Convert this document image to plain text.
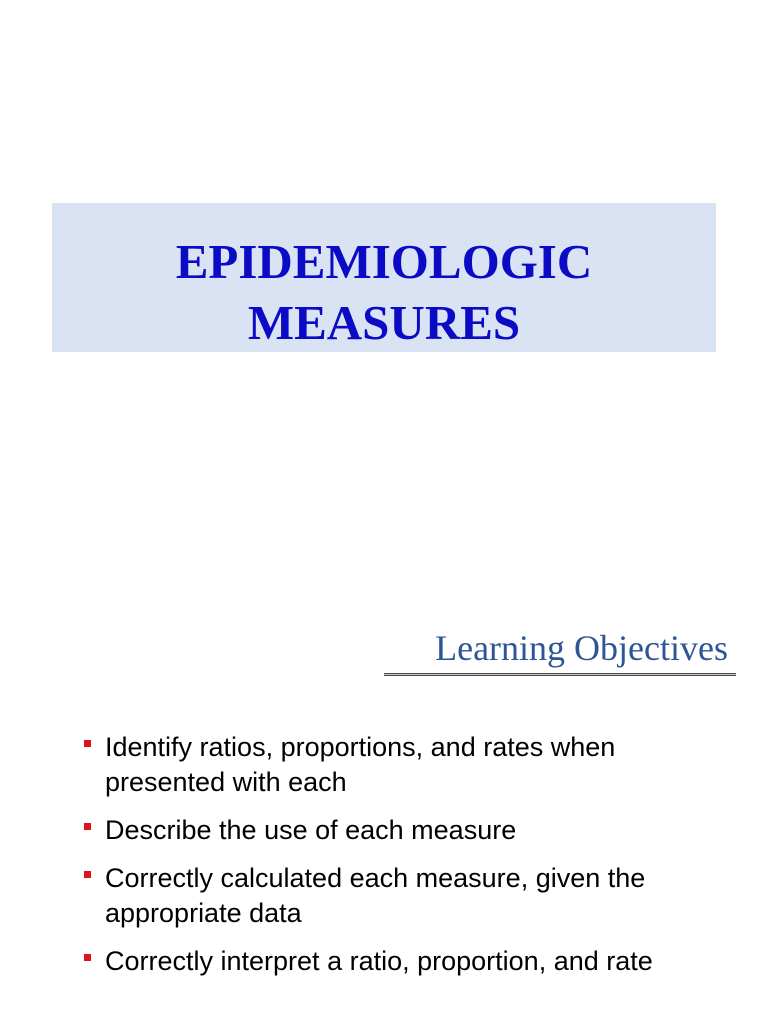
EPIDEMIOLOGIC
MEASURES
Learning Objectives
Identify ratios, proportions, and rates when
presented with each
Describe the use of each measure
Correctly calculated each measure, given the
appropriate data
Correctly interpret a ratio, proportion, and rate
